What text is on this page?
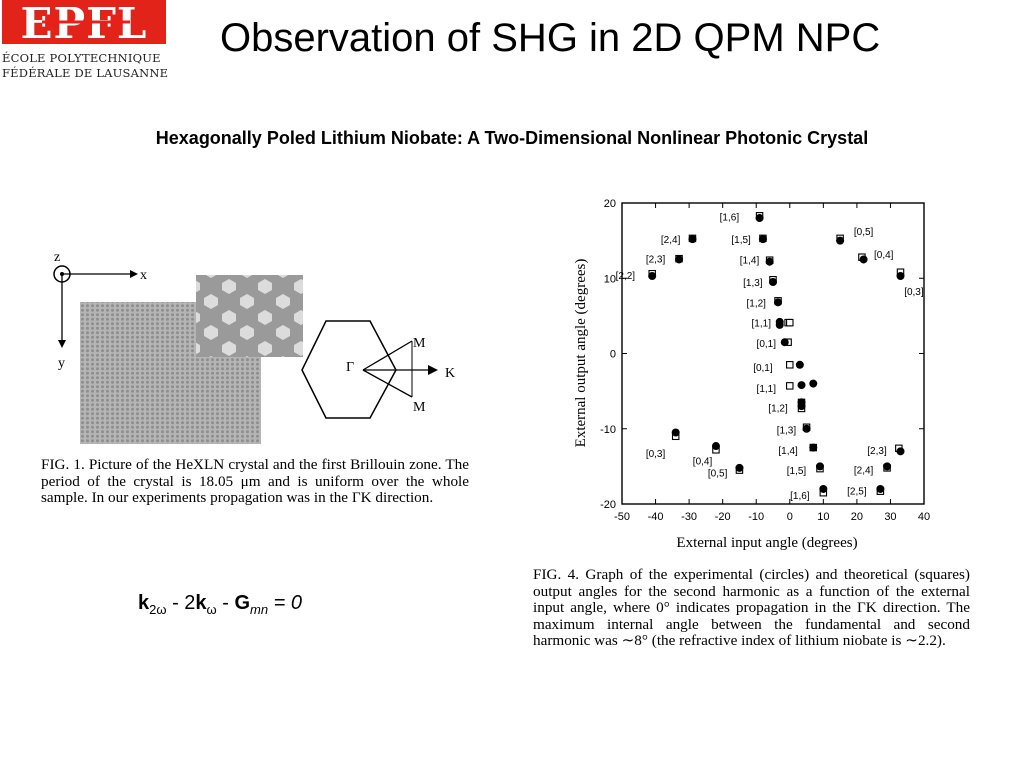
EPFL
ÉCOLE POLYTECHNIQUE
FÉDÉRALE DE LAUSANNE
Observation of SHG in 2D QPM NPC
Hexagonally Poled Lithium Niobate: A Two-Dimensional Nonlinear Photonic Crystal
z
x
y
M
M
Γ	K
FIG. 1. Picture of the HeXLN crystal and the first Brillouin zone. The period of the crystal is 18.05 μm and is uniform over the whole sample. In our experiments propagation was in the ΓK direction.
$k_{2\omega} - 2k_\omega - G_{mn} = 0$
-50 -40 -30 -20 -10 0 10 20 30 40
20
10
0
-10
-20
[1,6]
[2,4]	[1,5]
[0,5]
[2,3]	[1,4]	[0,4]
[2,2]
[1,3]
[0,3]
[1,2]
[1,1]
[0,1]
[0,1]
[1,1]
[1,2]
[1,3]
[1,4]
[0,3]
[0,4]
[0,5]	[1,5]
[1,6]
[2,3]
[2,4]
[2,5]
External input angle (degrees)
External output angle (degrees)
FIG. 4. Graph of the experimental (circles) and theoretical (squares) output angles for the second harmonic as a function of the external input angle, where 0° indicates propagation in the ΓK direction. The maximum internal angle between the fundamental and second harmonic was ∼8° (the refractive index of lithium niobate is ∼2.2).
